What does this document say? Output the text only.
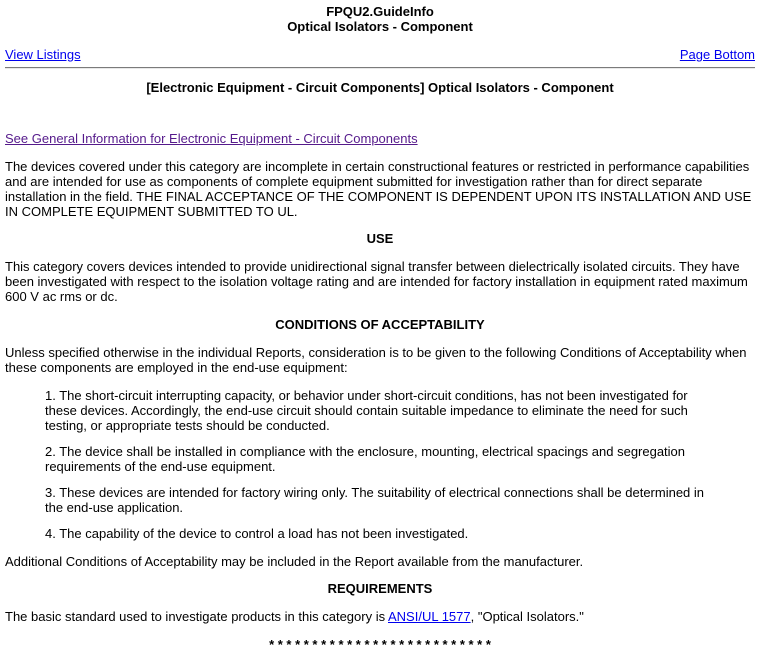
FPQU2.GuideInfo
Optical Isolators - Component
View Listings	Page Bottom
[Electronic Equipment - Circuit Components] Optical Isolators - Component
See General Information for Electronic Equipment - Circuit Components

The devices covered under this category are incomplete in certain constructional features or restricted in performance capabilities and are intended for use as components of complete equipment submitted for investigation rather than for direct separate installation in the field. THE FINAL ACCEPTANCE OF THE COMPONENT IS DEPENDENT UPON ITS INSTALLATION AND USE IN COMPLETE EQUIPMENT SUBMITTED TO UL.

USE

This category covers devices intended to provide unidirectional signal transfer between dielectrically isolated circuits. They have been investigated with respect to the isolation voltage rating and are intended for factory installation in equipment rated maximum 600 V ac rms or dc.

CONDITIONS OF ACCEPTABILITY

Unless specified otherwise in the individual Reports, consideration is to be given to the following Conditions of Acceptability when these components are employed in the end-use equipment:

1. The short-circuit interrupting capacity, or behavior under short-circuit conditions, has not been investigated for these devices. Accordingly, the end-use circuit should contain suitable impedance to eliminate the need for such testing, or appropriate tests should be conducted.

2. The device shall be installed in compliance with the enclosure, mounting, electrical spacings and segregation requirements of the end-use equipment.

3. These devices are intended for factory wiring only. The suitability of electrical connections shall be determined in the end-use application.

4. The capability of the device to control a load has not been investigated.

Additional Conditions of Acceptability may be included in the Report available from the manufacturer.

REQUIREMENTS

The basic standard used to investigate products in this category is ANSI/UL 1577, "Optical Isolators."

* * * * * * * * * * * * * * * * * * * * * * * * * *
